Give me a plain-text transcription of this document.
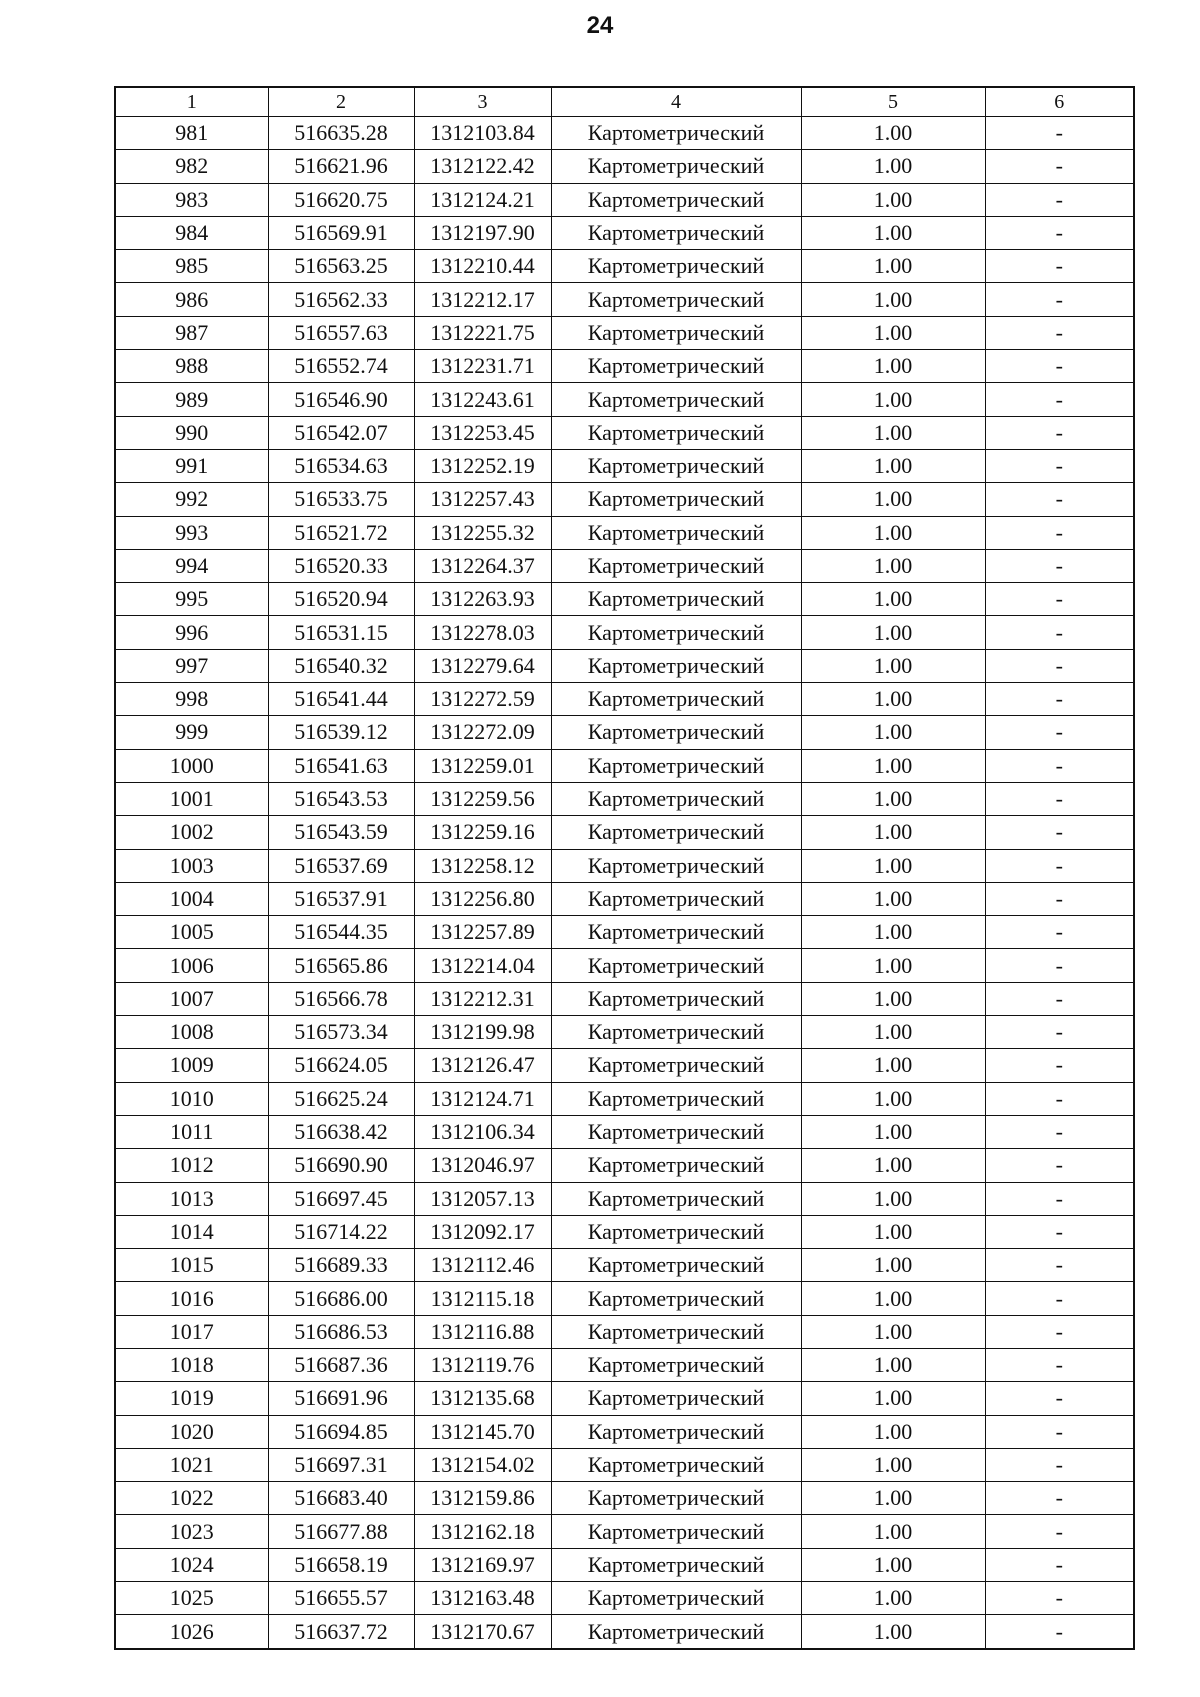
24
1	2	3	4	5	6
981	516635.28	1312103.84	Картометрический	1.00	-
982	516621.96	1312122.42	Картометрический	1.00	-
983	516620.75	1312124.21	Картометрический	1.00	-
984	516569.91	1312197.90	Картометрический	1.00	-
985	516563.25	1312210.44	Картометрический	1.00	-
986	516562.33	1312212.17	Картометрический	1.00	-
987	516557.63	1312221.75	Картометрический	1.00	-
988	516552.74	1312231.71	Картометрический	1.00	-
989	516546.90	1312243.61	Картометрический	1.00	-
990	516542.07	1312253.45	Картометрический	1.00	-
991	516534.63	1312252.19	Картометрический	1.00	-
992	516533.75	1312257.43	Картометрический	1.00	-
993	516521.72	1312255.32	Картометрический	1.00	-
994	516520.33	1312264.37	Картометрический	1.00	-
995	516520.94	1312263.93	Картометрический	1.00	-
996	516531.15	1312278.03	Картометрический	1.00	-
997	516540.32	1312279.64	Картометрический	1.00	-
998	516541.44	1312272.59	Картометрический	1.00	-
999	516539.12	1312272.09	Картометрический	1.00	-
1000	516541.63	1312259.01	Картометрический	1.00	-
1001	516543.53	1312259.56	Картометрический	1.00	-
1002	516543.59	1312259.16	Картометрический	1.00	-
1003	516537.69	1312258.12	Картометрический	1.00	-
1004	516537.91	1312256.80	Картометрический	1.00	-
1005	516544.35	1312257.89	Картометрический	1.00	-
1006	516565.86	1312214.04	Картометрический	1.00	-
1007	516566.78	1312212.31	Картометрический	1.00	-
1008	516573.34	1312199.98	Картометрический	1.00	-
1009	516624.05	1312126.47	Картометрический	1.00	-
1010	516625.24	1312124.71	Картометрический	1.00	-
1011	516638.42	1312106.34	Картометрический	1.00	-
1012	516690.90	1312046.97	Картометрический	1.00	-
1013	516697.45	1312057.13	Картометрический	1.00	-
1014	516714.22	1312092.17	Картометрический	1.00	-
1015	516689.33	1312112.46	Картометрический	1.00	-
1016	516686.00	1312115.18	Картометрический	1.00	-
1017	516686.53	1312116.88	Картометрический	1.00	-
1018	516687.36	1312119.76	Картометрический	1.00	-
1019	516691.96	1312135.68	Картометрический	1.00	-
1020	516694.85	1312145.70	Картометрический	1.00	-
1021	516697.31	1312154.02	Картометрический	1.00	-
1022	516683.40	1312159.86	Картометрический	1.00	-
1023	516677.88	1312162.18	Картометрический	1.00	-
1024	516658.19	1312169.97	Картометрический	1.00	-
1025	516655.57	1312163.48	Картометрический	1.00	-
1026	516637.72	1312170.67	Картометрический	1.00	-
